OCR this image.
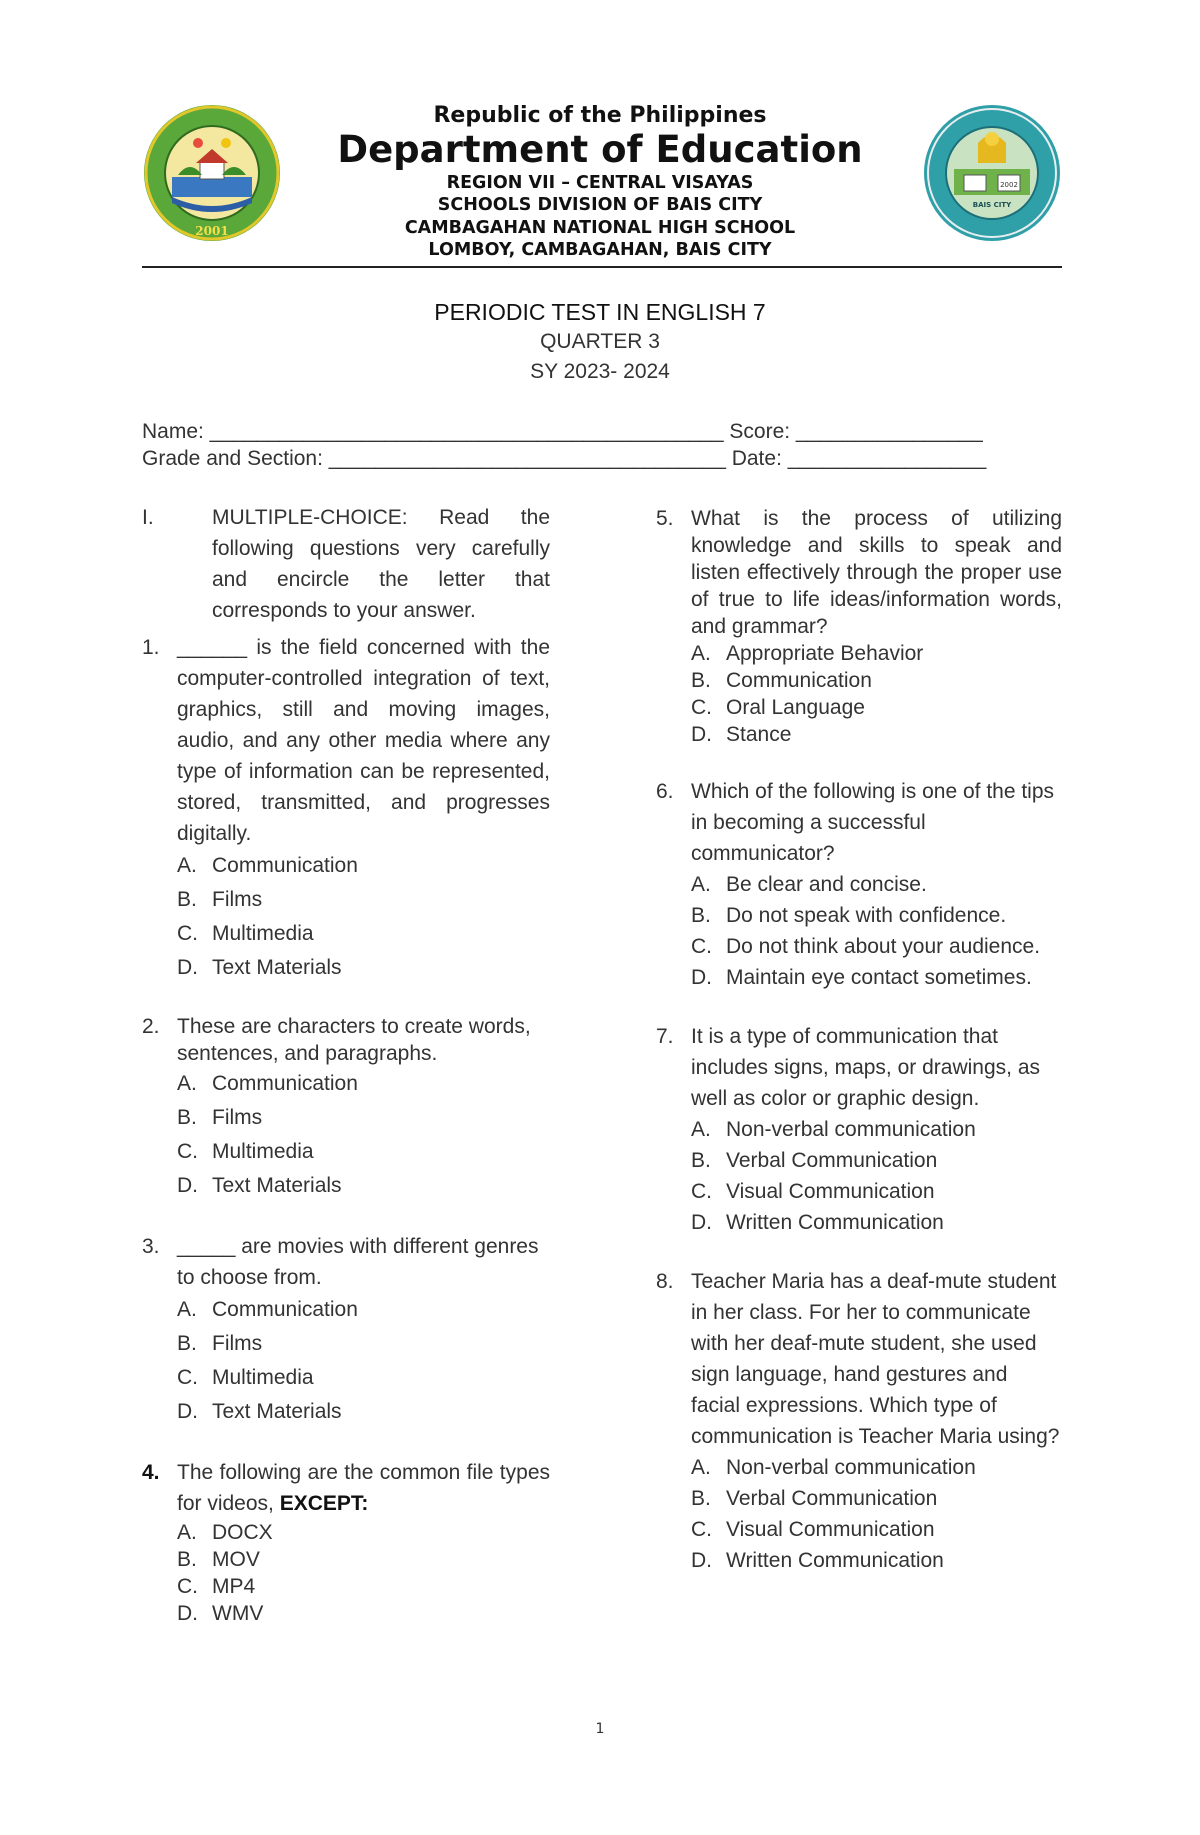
2001
2002
BAIS CITY
Republic of the Philippines
Department of Education
REGION VII – CENTRAL VISAYAS
SCHOOLS DIVISION OF BAIS CITY
CAMBAGAHAN NATIONAL HIGH SCHOOL
LOMBOY, CAMBAGAHAN, BAIS CITY
PERIODIC TEST IN ENGLISH 7
QUARTER 3
SY 2023- 2024
Name: ____________________________________________ Score: ________________
Grade and Section: __________________________________ Date: _________________
I.	MULTIPLE-CHOICE: Read the following questions very carefully and encircle the letter that corresponds to your answer.
1. ______ is the field concerned with the computer-controlled integration of text, graphics, still and moving images, audio, and any other media where any type of information can be represented, stored, transmitted, and progresses digitally.
A. Communication
B. Films
C. Multimedia
D. Text Materials
2. These are characters to create words, sentences, and paragraphs.
A. Communication
B. Films
C. Multimedia
D. Text Materials
3. _____ are movies with different genres to choose from.
A. Communication
B. Films
C. Multimedia
D. Text Materials
4. The following are the common file types for videos, EXCEPT:
A. DOCX
B. MOV
C. MP4
D. WMV
5. What is the process of utilizing knowledge and skills to speak and listen effectively through the proper use of true to life ideas/information words, and grammar?
A. Appropriate Behavior
B. Communication
C. Oral Language
D. Stance
6. Which of the following is one of the tips in becoming a successful communicator?
A. Be clear and concise.
B. Do not speak with confidence.
C. Do not think about your audience.
D. Maintain eye contact sometimes.
7. It is a type of communication that includes signs, maps, or drawings, as well as color or graphic design.
A. Non-verbal communication
B. Verbal Communication
C. Visual Communication
D. Written Communication
8. Teacher Maria has a deaf-mute student in her class. For her to communicate with her deaf-mute student, she used sign language, hand gestures and facial expressions. Which type of communication is Teacher Maria using?
A. Non-verbal communication
B. Verbal Communication
C. Visual Communication
D. Written Communication
1
